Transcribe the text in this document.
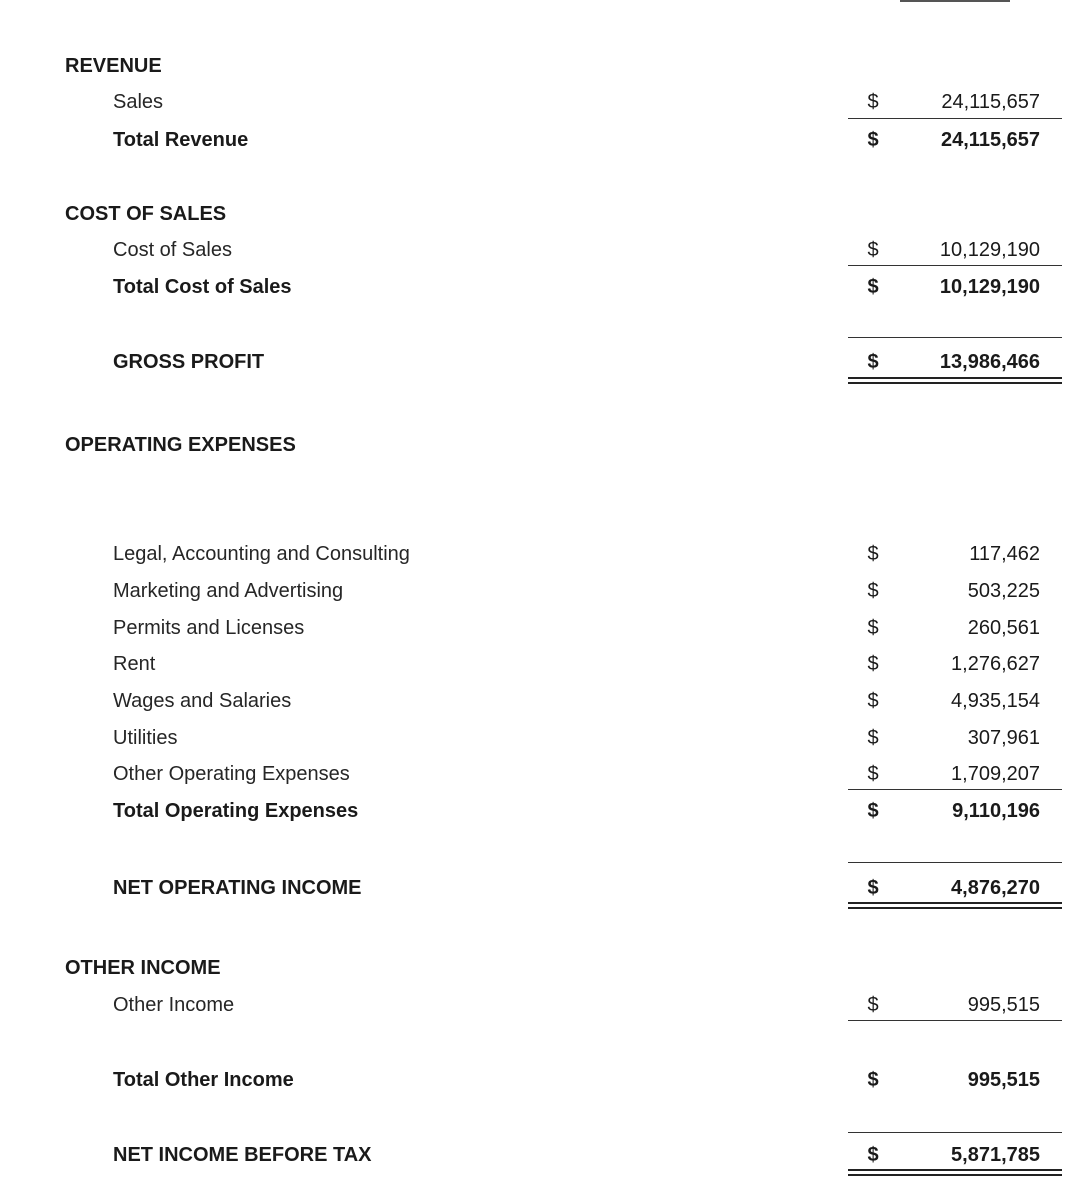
REVENUE
Sales	$	24,115,657
Total Revenue	$	24,115,657
COST OF SALES
Cost of Sales	$	10,129,190
Total Cost of Sales	$	10,129,190
GROSS PROFIT	$	13,986,466
OPERATING EXPENSES
Legal, Accounting and Consulting	$	117,462
Marketing and Advertising	$	503,225
Permits and Licenses	$	260,561
Rent	$	1,276,627
Wages and Salaries	$	4,935,154
Utilities	$	307,961
Other Operating Expenses	$	1,709,207
Total Operating Expenses	$	9,110,196
NET OPERATING INCOME	$	4,876,270
OTHER INCOME
Other Income	$	995,515
Total Other Income	$	995,515
NET INCOME BEFORE TAX	$	5,871,785
